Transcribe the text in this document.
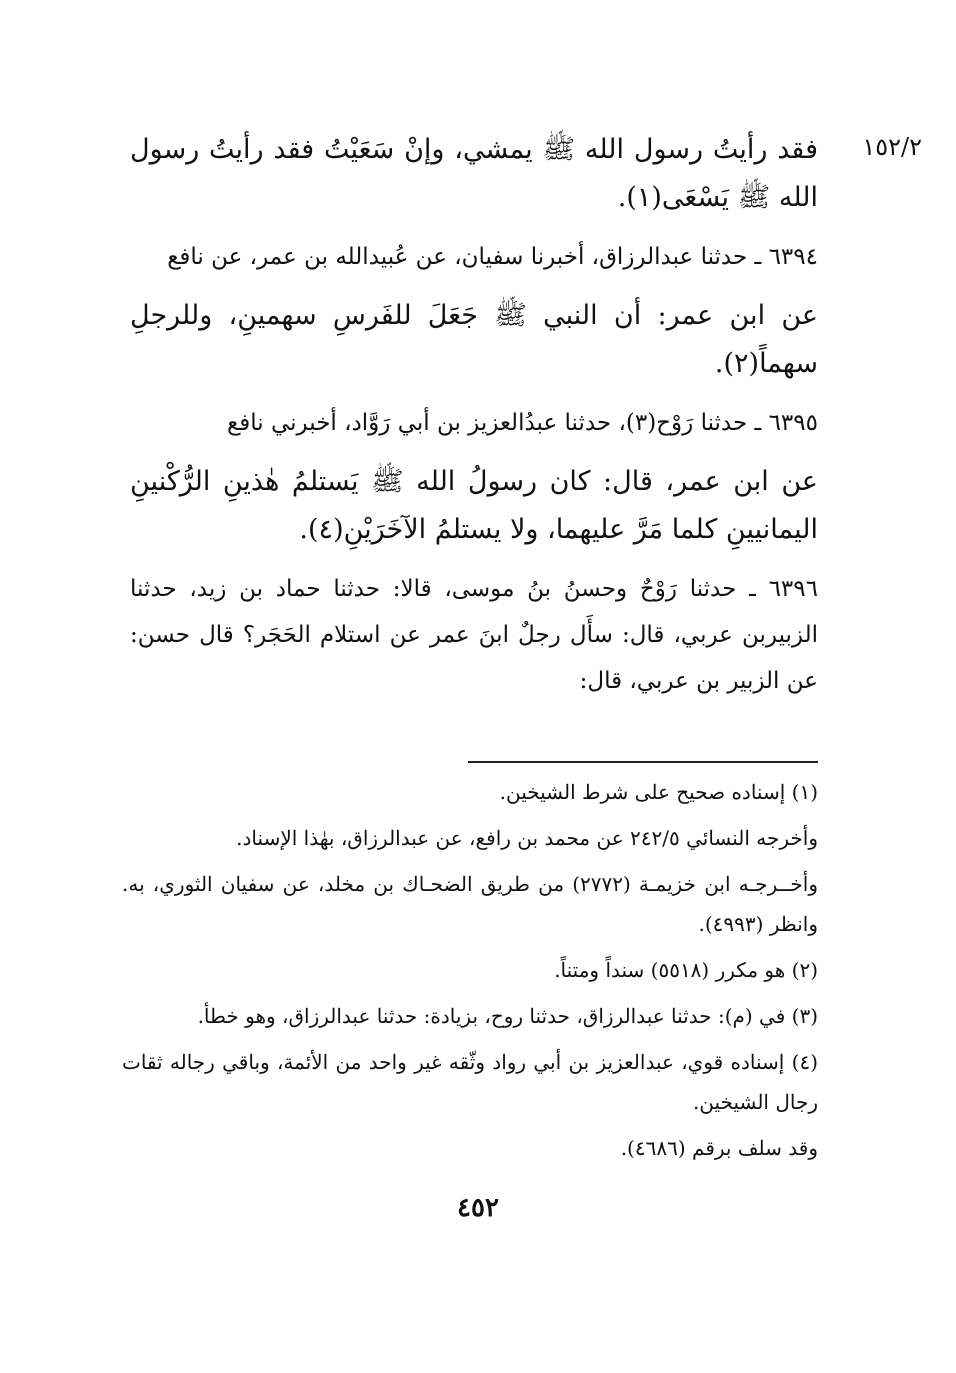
١٥٢/٢

فقد رأيتُ رسول الله ﷺ يمشي، وإنْ سَعَيْتُ فقد رأيتُ رسول الله ﷺ يَسْعَى(١).

٦٣٩٤ ـ حدثنا عبدالرزاق، أخبرنا سفيان، عن عُبيدالله بن عمر، عن نافع

عن ابن عمر: أن النبي ﷺ جَعَلَ للفَرسِ سهمينِ، وللرجلِ سهماً(٢).

٦٣٩٥ ـ حدثنا رَوْح(٣)، حدثنا عبدُالعزيز بن أبي رَوَّاد، أخبرني نافع

عن ابن عمر، قال: كان رسولُ الله ﷺ يَستلمُ هٰذينِ الرُّكْنينِ اليمانيينِ كلما مَرَّ عليهما، ولا يستلمُ الآخَرَيْنِ(٤).

٦٣٩٦ ـ حدثنا رَوْحٌ وحسنُ بنُ موسى، قالا: حدثنا حماد بن زيد، حدثنا الزبيربن عربي، قال: سأَل رجلٌ ابنَ عمر عن استلام الحَجَر؟ قال حسن: عن الزبير بن عربي، قال:

(١) إسناده صحيح على شرط الشيخين.

وأخرجه النسائي ٢٤٢/٥ عن محمد بن رافع، عن عبدالرزاق، بهٰذا الإسناد.

وأخــرجـه ابن خزيمـة (٢٧٧٢) من طريق الضحـاك بن مخلد، عن سفيان الثوري، به. وانظر (٤٩٩٣).

(٢) هو مكرر (٥٥١٨) سنداً ومتناً.

(٣) في (م): حدثنا عبدالرزاق، حدثنا روح، بزيادة: حدثنا عبدالرزاق، وهو خطأ.

(٤) إسناده قوي، عبدالعزيز بن أبي رواد وثّقه غير واحد من الأئمة، وباقي رجاله ثقات رجال الشيخين.

وقد سلف برقم (٤٦٨٦).

٤٥٢
